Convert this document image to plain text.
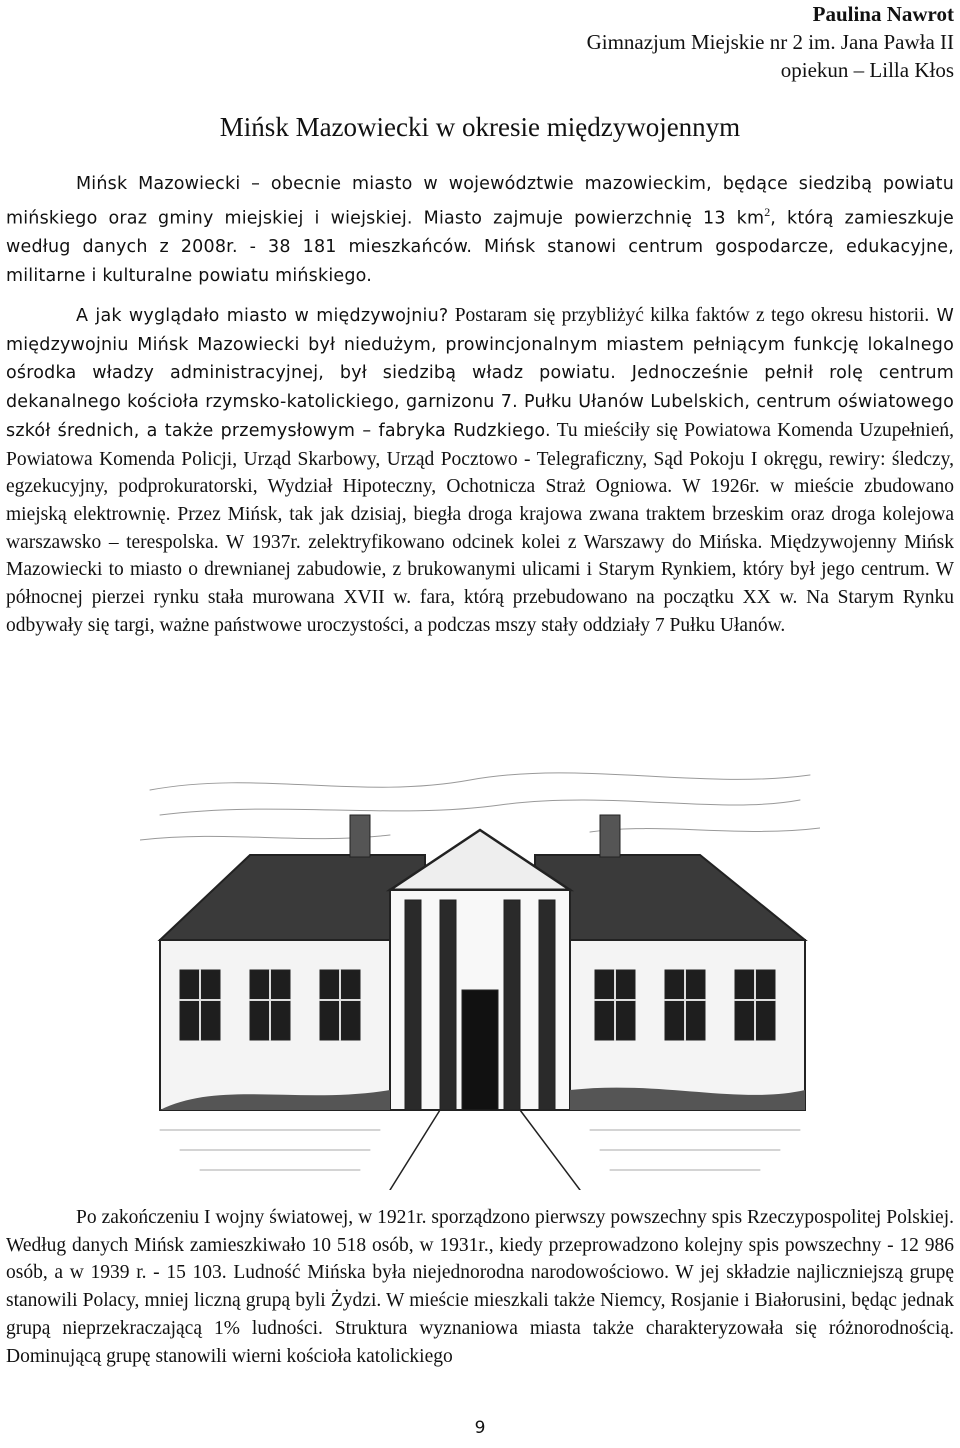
Paulina Nawrot
Gimnazjum Miejskie nr 2 im. Jana Pawła II
opiekun – Lilla Kłos
Mińsk Mazowiecki w okresie międzywojennym

Mińsk Mazowiecki – obecnie miasto w województwie mazowieckim, będące siedzibą powiatu mińskiego oraz gminy miejskiej i wiejskiej. Miasto zajmuje powierzchnię 13 $km^2$, którą zamieszkuje według danych z 2008r. - 38 181 mieszkańców. Mińsk stanowi centrum gospodarcze, edukacyjne, militarne i kulturalne powiatu mińskiego.

A jak wyglądało miasto w międzywojniu? Postaram się przybliżyć kilka faktów z tego okresu historii. W międzywojniu Mińsk Mazowiecki był niedużym, prowincjonalnym miastem pełniącym funkcję lokalnego ośrodka władzy administracyjnej, był siedzibą władz powiatu. Jednocześnie pełnił rolę centrum dekanalnego kościoła rzymsko-katolickiego, garnizonu 7. Pułku Ułanów Lubelskich, centrum oświatowego szkół średnich, a także przemysłowym – fabryka Rudzkiego. Tu mieściły się Powiatowa Komenda Uzupełnień, Powiatowa Komenda Policji, Urząd Skarbowy, Urząd Pocztowo - Telegraficzny, Sąd Pokoju I okręgu, rewiry: śledczy, egzekucyjny, podprokuratorski, Wydział Hipoteczny, Ochotnicza Straż Ogniowa. W 1926r. w mieście zbudowano miejską elektrownię. Przez Mińsk, tak jak dzisiaj, biegła droga krajowa zwana traktem brzeskim oraz droga kolejowa warszawsko – terespolska. W 1937r. zelektryfikowano odcinek kolei z Warszawy do Mińska. Międzywojenny Mińsk Mazowiecki to miasto o drewnianej zabudowie, z brukowanymi ulicami i Starym Rynkiem, który był jego centrum. W północnej pierzei rynku stała murowana XVII w. fara, którą przebudowano na początku XX w. Na Starym Rynku odbywały się targi, ważne państwowe uroczystości, a podczas mszy stały oddziały 7 Pułku Ułanów.

Po zakończeniu I wojny światowej, w 1921r. sporządzono pierwszy powszechny spis Rzeczypospolitej Polskiej. Według danych Mińsk zamieszkiwało 10 518 osób, w 1931r., kiedy przeprowadzono kolejny spis powszechny - 12 986 osób, a w 1939 r. - 15 103. Ludność Mińska była niejednorodna narodowościowo. W jej składzie najliczniejszą grupę stanowili Polacy, mniej liczną grupą byli Żydzi. W mieście mieszkali także Niemcy, Rosjanie i Białorusini, będąc jednak grupą nieprzekraczającą 1% ludności. Struktura wyznaniowa miasta także charakteryzowała się różnorodnością. Dominującą grupę stanowili wierni kościoła katolickiego

9
